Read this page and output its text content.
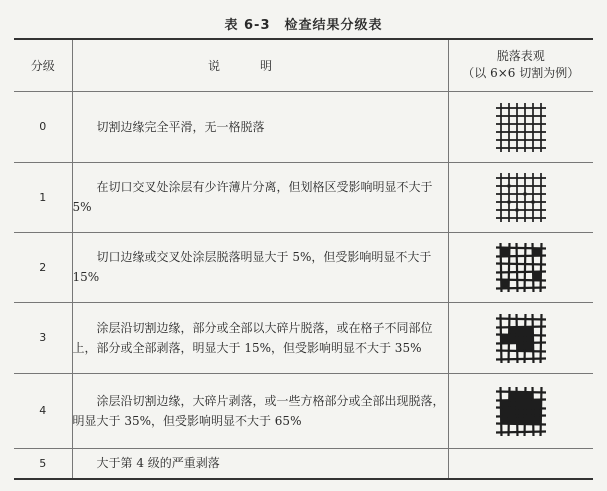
表 6-3 检查结果分级表
分级	说明	脱落表观
（以 6×6 切割为例）

0	切割边缘完全平滑，无一格脱落	

1	在切口交叉处涂层有少许薄片分离，但划格区受影响明显不大于 5%	

2	切口边缘或交叉处涂层脱落明显大于 5%，但受影响明显不大于 15%	

3	涂层沿切割边缘，部分或全部以大碎片脱落，或在格子不同部位上，部分或全部剥落，明显大于 15%，但受影响明显不大于 35%	

4	涂层沿切割边缘，大碎片剥落，或一些方格部分或全部出现脱落，明显大于 35%，但受影响明显不大于 65%	

5	大于第 4 级的严重剥落	
